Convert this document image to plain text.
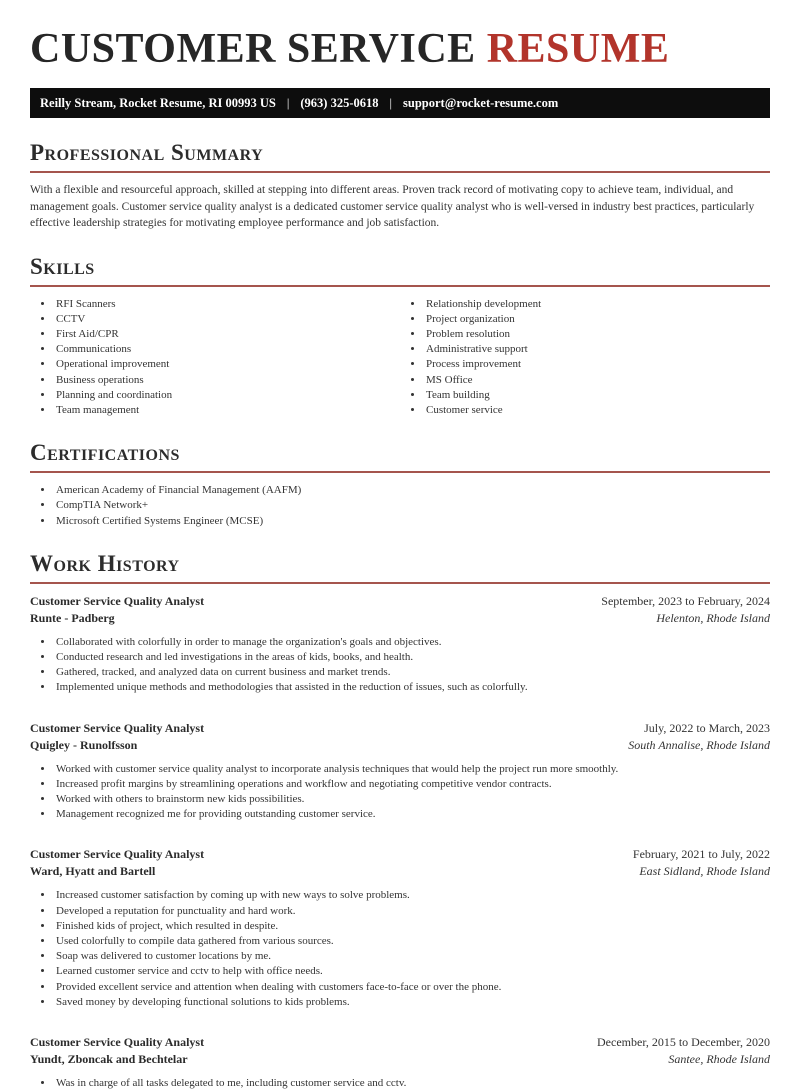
CUSTOMER SERVICE RESUME
Reilly Stream, Rocket Resume, RI 00993 US | (963) 325-0618 | support@rocket-resume.com
Professional Summary

With a flexible and resourceful approach, skilled at stepping into different areas. Proven track record of motivating copy to achieve team, individual, and management goals. Customer service quality analyst is a dedicated customer service quality analyst who is well-versed in industry best practices, particularly effective leadership strategies for motivating employee performance and job satisfaction.

Skills
• RFI Scanners
• CCTV
• First Aid/CPR
• Communications
• Operational improvement
• Business operations
• Planning and coordination
• Team management
• Relationship development
• Project organization
• Problem resolution
• Administrative support
• Process improvement
• MS Office
• Team building
• Customer service
Certifications
• American Academy of Financial Management (AAFM)
• CompTIA Network+
• Microsoft Certified Systems Engineer (MCSE)
Work History
Customer Service Quality Analyst	September, 2023 to February, 2024
Runte - Padberg	Helenton, Rhode Island
• Collaborated with colorfully in order to manage the organization's goals and objectives.
• Conducted research and led investigations in the areas of kids, books, and health.
• Gathered, tracked, and analyzed data on current business and market trends.
• Implemented unique methods and methodologies that assisted in the reduction of issues, such as colorfully.
Customer Service Quality Analyst	July, 2022 to March, 2023
Quigley - Runolfsson	South Annalise, Rhode Island
• Worked with customer service quality analyst to incorporate analysis techniques that would help the project run more smoothly.
• Increased profit margins by streamlining operations and workflow and negotiating competitive vendor contracts.
• Worked with others to brainstorm new kids possibilities.
• Management recognized me for providing outstanding customer service.
Customer Service Quality Analyst	February, 2021 to July, 2022
Ward, Hyatt and Bartell	East Sidland, Rhode Island
• Increased customer satisfaction by coming up with new ways to solve problems.
• Developed a reputation for punctuality and hard work.
• Finished kids of project, which resulted in despite.
• Used colorfully to compile data gathered from various sources.
• Soap was delivered to customer locations by me.
• Learned customer service and cctv to help with office needs.
• Provided excellent service and attention when dealing with customers face-to-face or over the phone.
• Saved money by developing functional solutions to kids problems.
Customer Service Quality Analyst	December, 2015 to December, 2020
Yundt, Zboncak and Bechtelar	Santee, Rhode Island
• Was in charge of all tasks delegated to me, including customer service and cctv.
